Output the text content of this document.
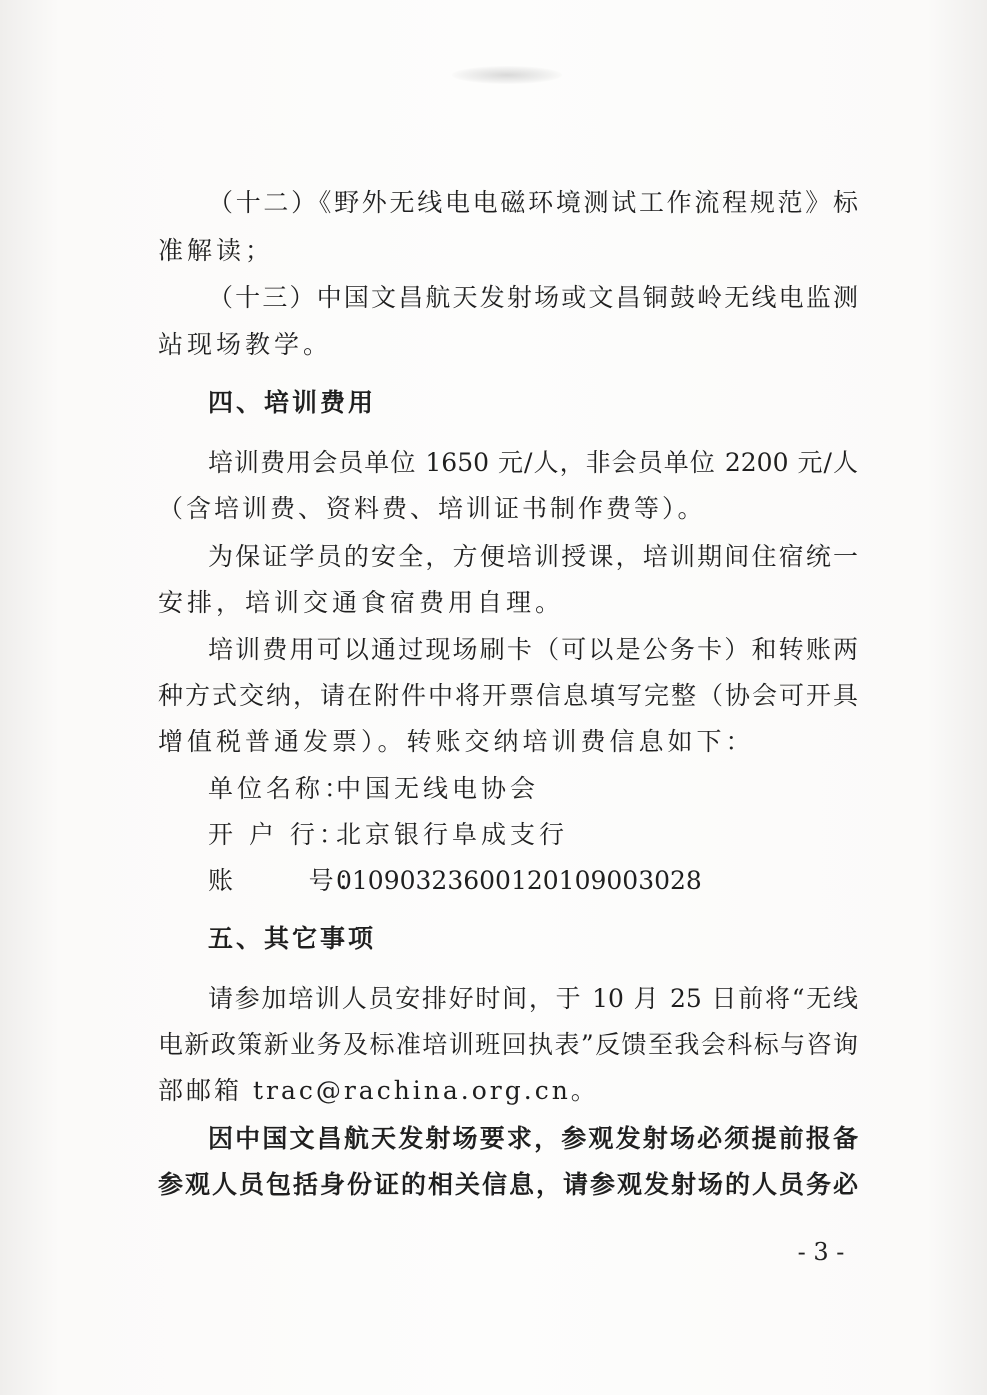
（十二）《野外无线电电磁环境测试工作流程规范》标
准解读；
（十三）中国文昌航天发射场或文昌铜鼓岭无线电监测
站现场教学。
四、培训费用
培训费用会员单位 1650 元/人，非会员单位 2200 元/人
（含培训费、资料费、培训证书制作费等）。
为保证学员的安全，方便培训授课，培训期间住宿统一
安排，培训交通食宿费用自理。
培训费用可以通过现场刷卡（可以是公务卡）和转账两
种方式交纳，请在附件中将开票信息填写完整（协会可开具
增值税普通发票）。转账交纳培训费信息如下：
单位名称：中国无线电协会
开 户 行：北京银行阜成支行
账      号：01090323600120109003028
五、其它事项
请参加培训人员安排好时间，于 10 月 25 日前将“无线
电新政策新业务及标准培训班回执表”反馈至我会科标与咨询
部邮箱 trac@rachina.org.cn。
因中国文昌航天发射场要求，参观发射场必须提前报备
参观人员包括身份证的相关信息，请参观发射场的人员务必
- 3 -
